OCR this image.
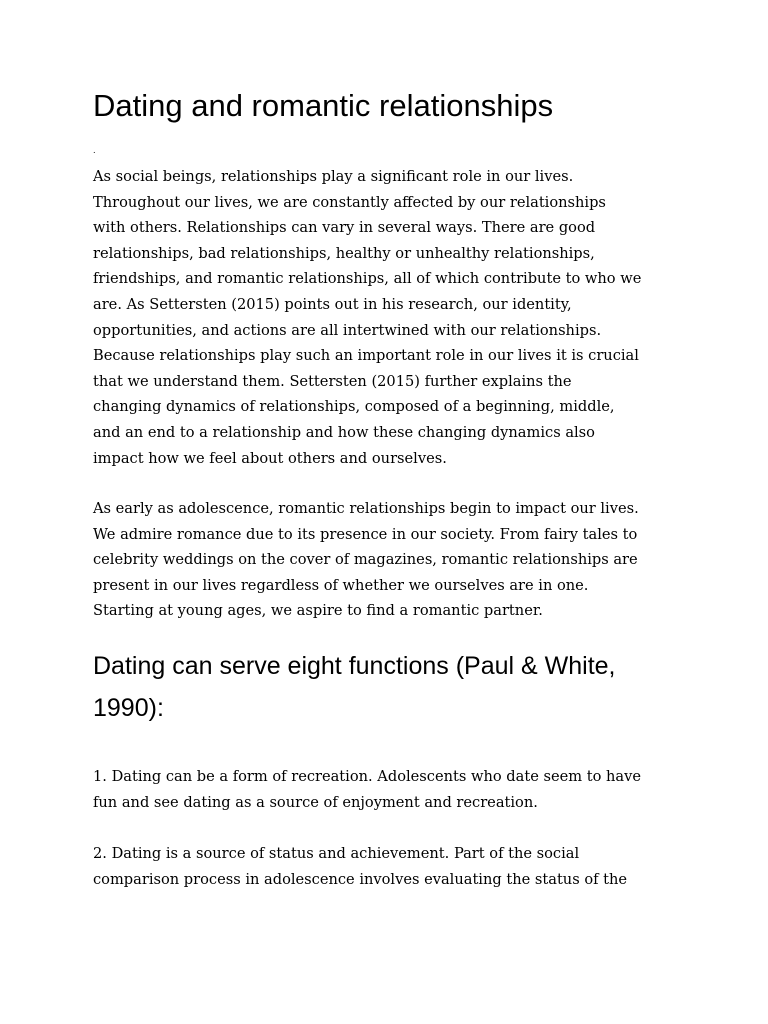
Dating and romantic relationships
.

As social beings, relationships play a significant role in our lives.
Throughout our lives, we are constantly affected by our relationships
with others. Relationships can vary in several ways. There are good
relationships, bad relationships, healthy or unhealthy relationships,
friendships, and romantic relationships, all of which contribute to who we
are. As Settersten (2015) points out in his research, our identity,
opportunities, and actions are all intertwined with our relationships.
Because relationships play such an important role in our lives it is crucial
that we understand them. Settersten (2015) further explains the
changing dynamics of relationships, composed of a beginning, middle,
and an end to a relationship and how these changing dynamics also
impact how we feel about others and ourselves.

As early as adolescence, romantic relationships begin to impact our lives.
We admire romance due to its presence in our society. From fairy tales to
celebrity weddings on the cover of magazines, romantic relationships are
present in our lives regardless of whether we ourselves are in one.
Starting at young ages, we aspire to find a romantic partner.

Dating can serve eight functions (Paul & White,
1990):

1. Dating can be a form of recreation. Adolescents who date seem to have
fun and see dating as a source of enjoyment and recreation.

2. Dating is a source of status and achievement. Part of the social
comparison process in adolescence involves evaluating the status of the
